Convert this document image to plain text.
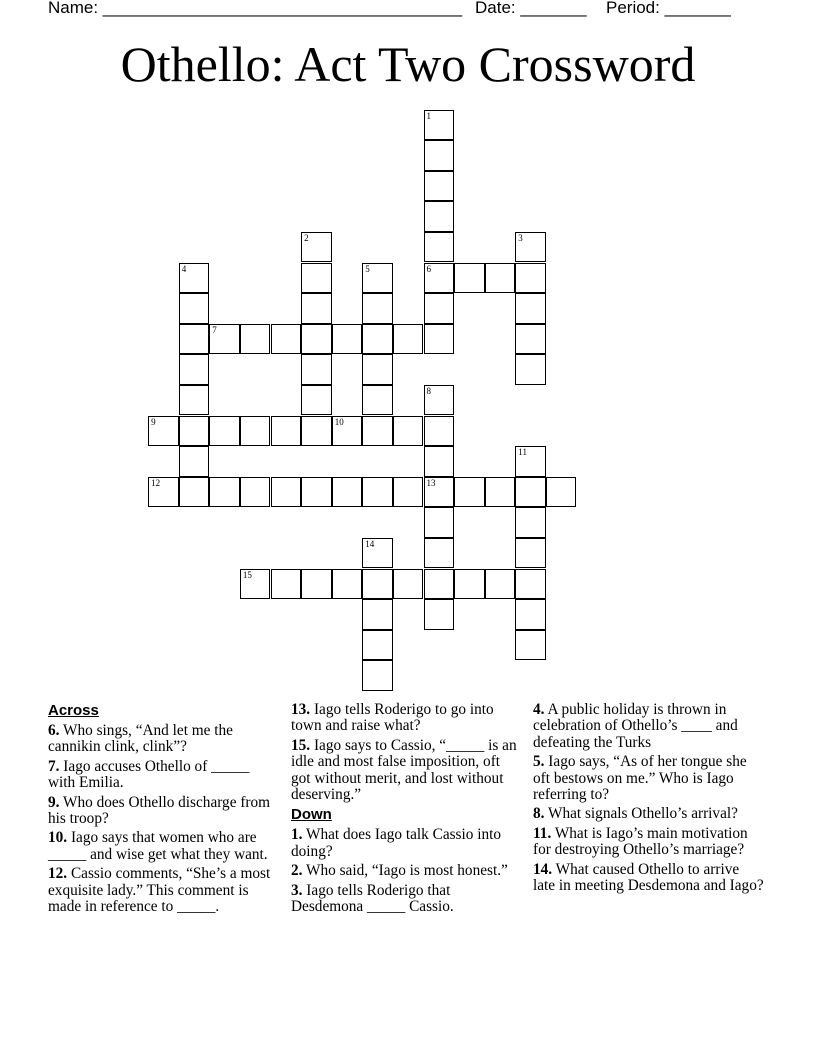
Name: ______________________________________ Date: _______ Period: _______
Othello: Act Two Crossword
1
6
2	3
4	5
7
8
13
9	10
11
12
14
15
Across
6. Who sings, “And let me the cannikin clink, clink”?
7. Iago accuses Othello of _____ with Emilia.
9. Who does Othello discharge from his troop?
10. Iago says that women who are _____ and wise get what they want.
12. Cassio comments, “She’s a most exquisite lady.” This comment is made in reference to _____.
13. Iago tells Roderigo to go into town and raise what?
15. Iago says to Cassio, “_____ is an idle and most false imposition, oft got without merit, and lost without deserving.”
Down
1. What does Iago talk Cassio into doing?
2. Who said, “Iago is most honest.”
3. Iago tells Roderigo that Desdemona _____ Cassio.
4. A public holiday is thrown in celebration of Othello’s ____ and defeating the Turks
5. Iago says, “As of her tongue she oft bestows on me.” Who is Iago referring to?
8. What signals Othello’s arrival?
11. What is Iago’s main motivation for destroying Othello’s marriage?
14. What caused Othello to arrive late in meeting Desdemona and Iago?
